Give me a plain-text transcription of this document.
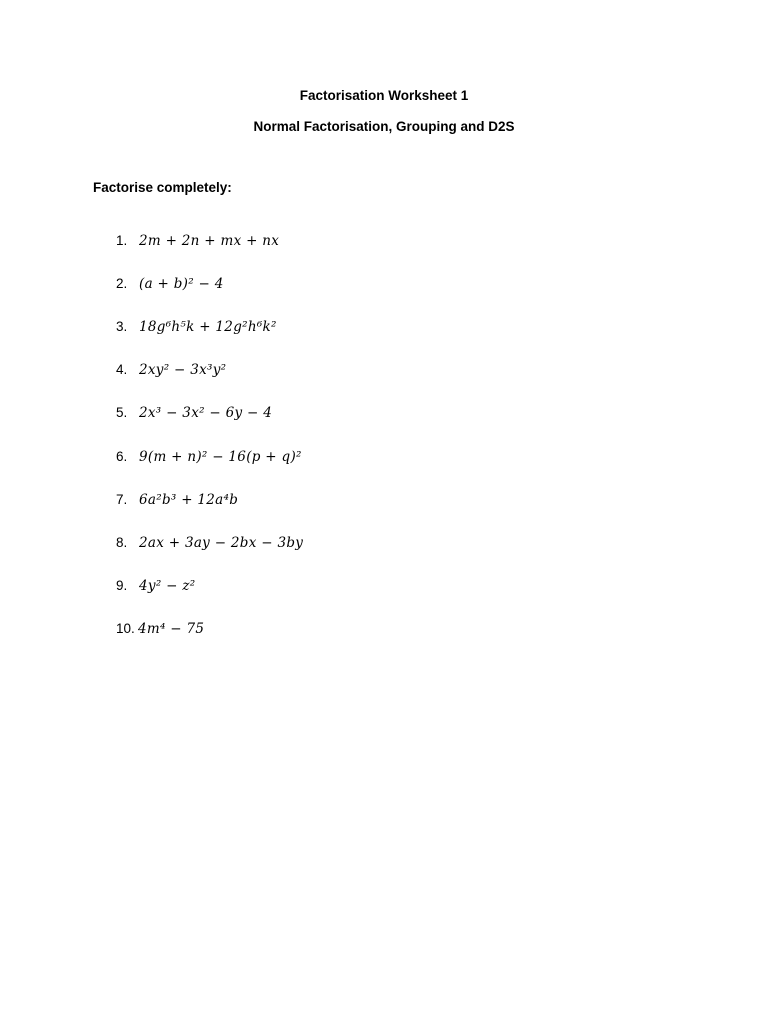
Factorisation Worksheet 1
Normal Factorisation, Grouping and D2S
Factorise completely:
1. 2m + 2n + mx + nx
2. (a + b)² − 4
3. 18g⁶h⁵k + 12g²h⁶k²
4. 2xy² − 3x³y²
5. 2x³ − 3x² − 6y − 4
6. 9(m + n)² − 16(p + q)²
7. 6a²b³ + 12a⁴b
8. 2ax + 3ay − 2bx − 3by
9. 4y² − z²
10. 4m⁴ − 75
